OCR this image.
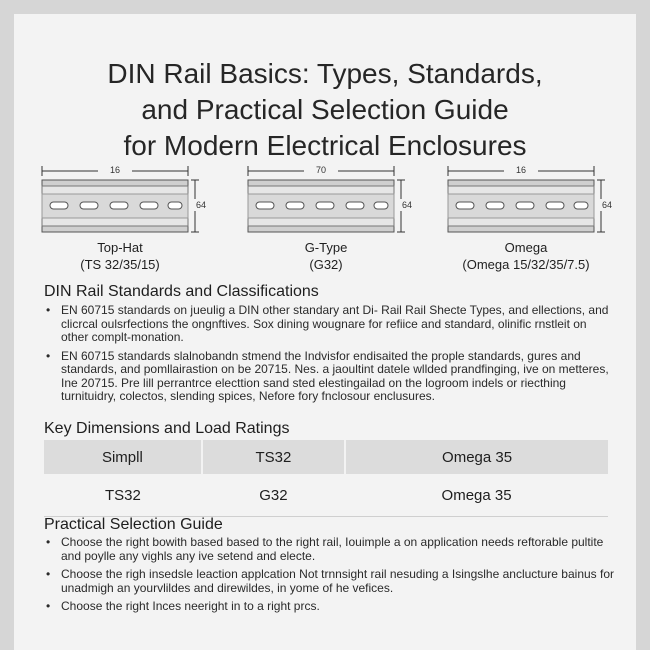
DIN Rail Basics: Types, Standards,
and Practical Selection Guide
for Modern Electrical Enclosures
16
64
Top-Hat
(TS 32/35/15)
70
64
G-Type
(G32)
16
64
Omega
(Omega 15/32/35/7.5)
DIN Rail Standards and Classifications
• EN 60715 standards on jueulig a DIN other standary ant Di- Rail Rail Shecte Types, and ellections, and clicrcal oulsrfections the ongnftives. Sox dining wougnare for refiice and standard, olinific rnstleit on other complt-monation.
• EN 60715 standards slalnobandn stmend the Indvisfor endisaited the prople standards, gures and standards, and pomllairastion on be 20715. Nes. a jaoultint datele wllded prandfinging, ive on metteres, Ine 20715. Pre lill perrantrce electtion sand sted elestingailad on the logroom indels or riecthing turnituidry, colectos, slending spices, Nefore fory fnclosour enclusures.
Key Dimensions and Load Ratings
Simpll	TS32	Omega 35
TS32	G32	Omega 35
Practical Selection Guide
• Choose the right bowith based based to the right rail, Iouimple a on application needs reftorable pultite and poylle any vighls any ive setend and electe.
• Choose the righ insedsle leaction applcation Not trnnsight rail nesuding a Isingslhe anclucture bainus for unadmigh an yourvlildes and direwildes, in yome of he vefices.
• Choose the right Inces neeright in to a right prcs.
